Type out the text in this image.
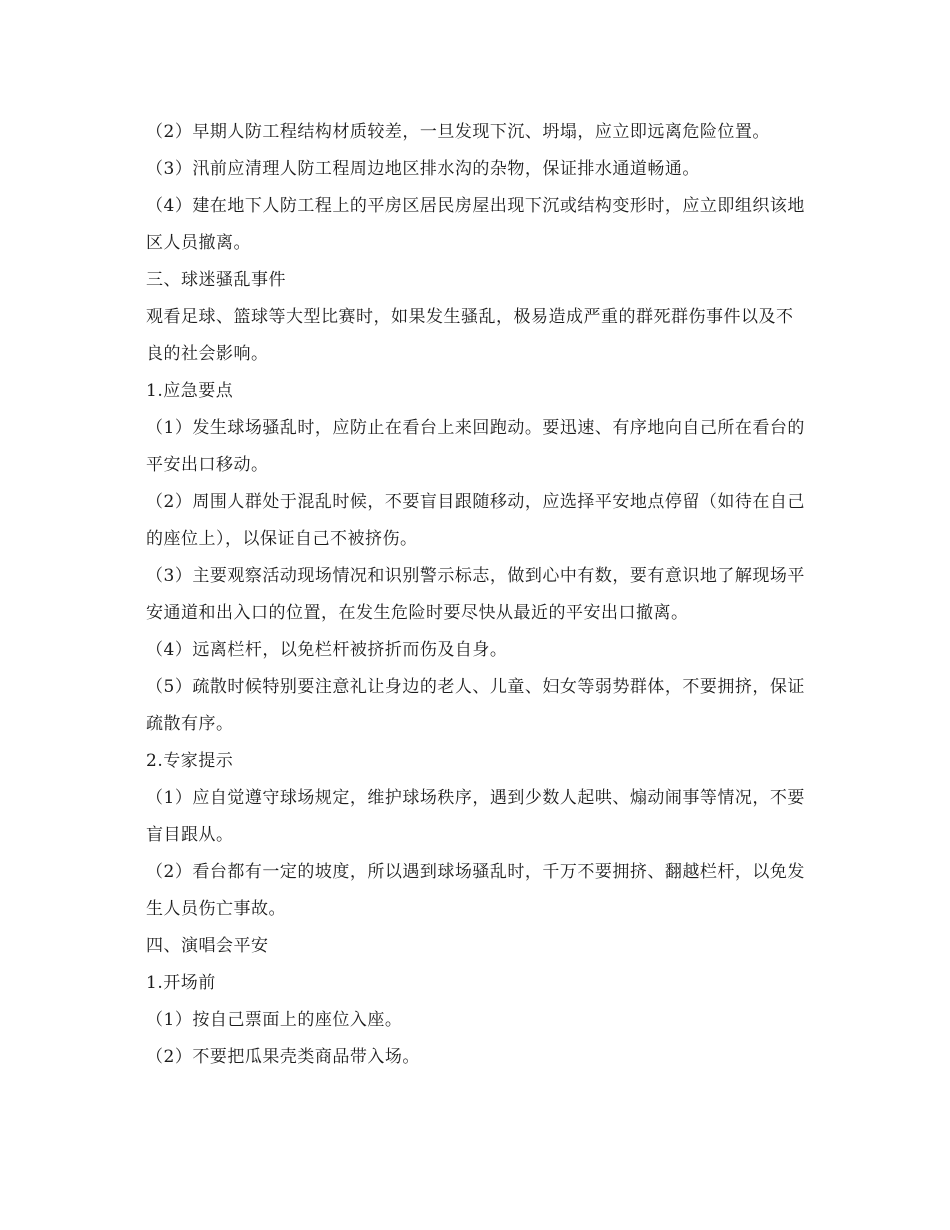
（2）早期人防工程结构材质较差，一旦发现下沉、坍塌，应立即远离危险位置。

（3）汛前应清理人防工程周边地区排水沟的杂物，保证排水通道畅通。

（4）建在地下人防工程上的平房区居民房屋出现下沉或结构变形时，应立即组织该地区人员撤离。

三、球迷骚乱事件

观看足球、篮球等大型比赛时，如果发生骚乱，极易造成严重的群死群伤事件以及不良的社会影响。

1.应急要点

（1）发生球场骚乱时，应防止在看台上来回跑动。要迅速、有序地向自己所在看台的平安出口移动。

（2）周围人群处于混乱时候，不要盲目跟随移动，应选择平安地点停留（如待在自己的座位上），以保证自己不被挤伤。

（3）主要观察活动现场情况和识别警示标志，做到心中有数，要有意识地了解现场平安通道和出入口的位置，在发生危险时要尽快从最近的平安出口撤离。

（4）远离栏杆，以免栏杆被挤折而伤及自身。

（5）疏散时候特别要注意礼让身边的老人、儿童、妇女等弱势群体，不要拥挤，保证疏散有序。

2.专家提示

（1）应自觉遵守球场规定，维护球场秩序，遇到少数人起哄、煽动闹事等情况，不要盲目跟从。

（2）看台都有一定的坡度，所以遇到球场骚乱时，千万不要拥挤、翻越栏杆，以免发生人员伤亡事故。

四、演唱会平安

1.开场前

（1）按自己票面上的座位入座。

（2）不要把瓜果壳类商品带入场。
